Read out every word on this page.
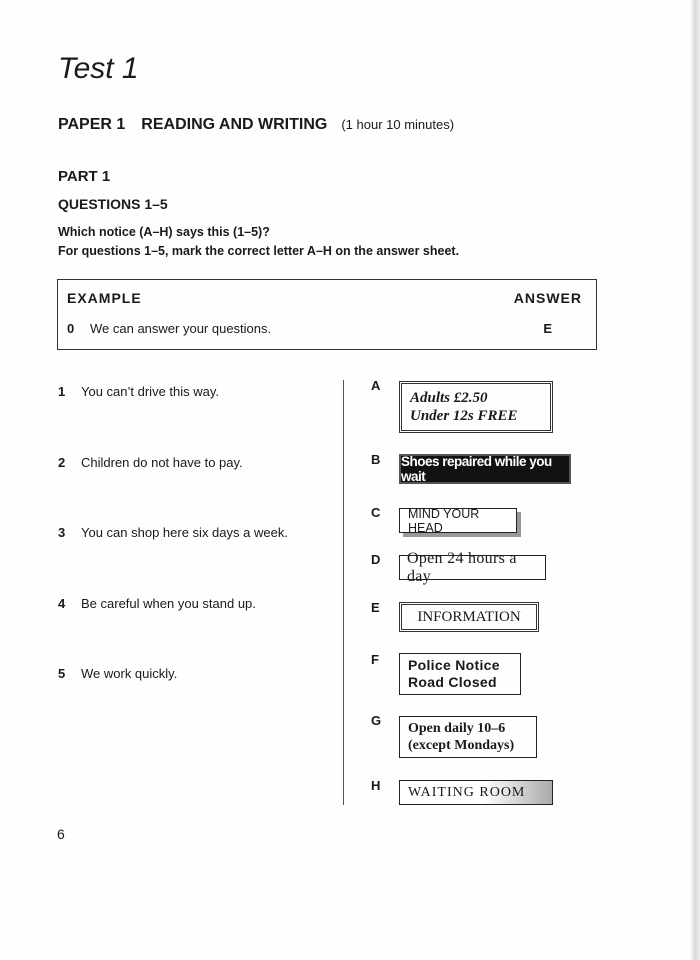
Test 1
PAPER 1 READING AND WRITING (1 hour 10 minutes)
PART 1
QUESTIONS 1–5
Which notice (A–H) says this (1–5)?
For questions 1–5, mark the correct letter A–H on the answer sheet.
EXAMPLE	ANSWER
0 We can answer your questions.	E
1 You can’t drive this way.
2 Children do not have to pay.
3 You can shop here six days a week.
4 Be careful when you stand up.
5 We work quickly.
A
Adults £2.50
Under 12s FREE
B Shoes repaired while you wait
C MIND YOUR HEAD
D Open 24 hours a day
E
INFORMATION
F Police Notice
Road Closed
G
Open daily 10–6
(except Mondays)
H WAITING ROOM
6
